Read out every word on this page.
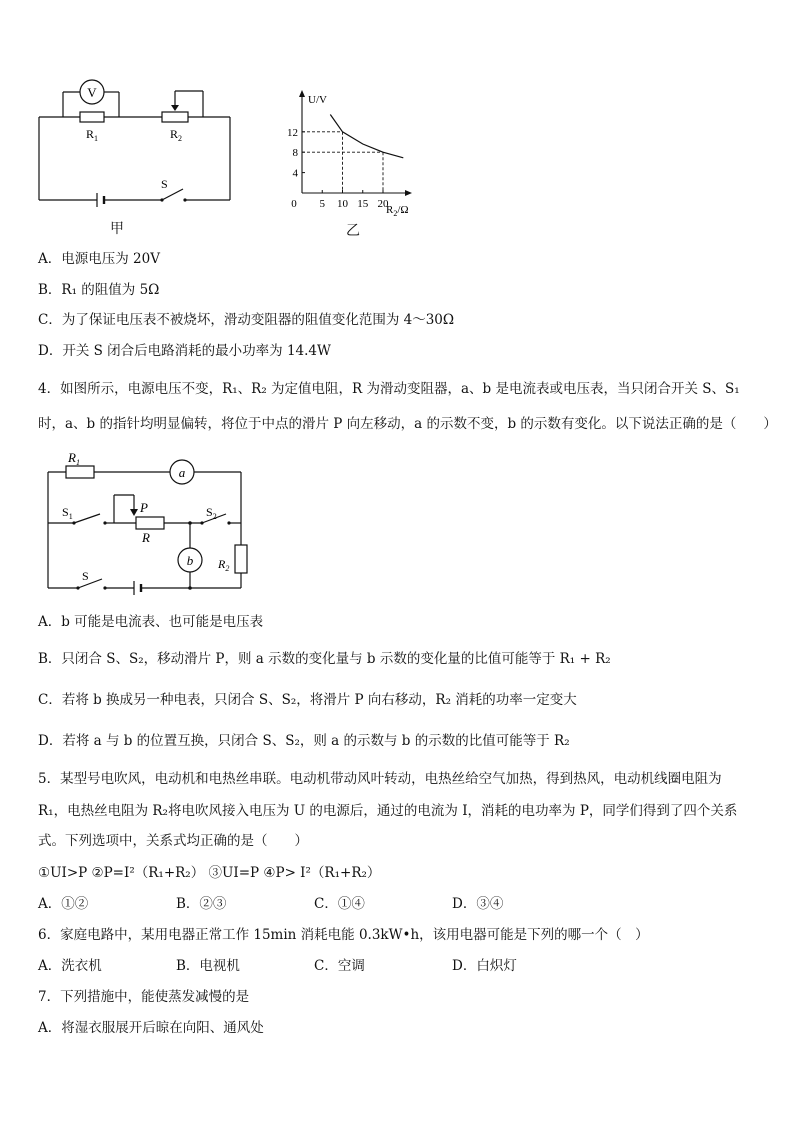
V
$R_1$	$R_2$
S
甲
4
8
12
5 10 15 20
0
U/V
$R_2/\Omega$
乙
A．电源电压为 20V
B．R₁ 的阻值为 5Ω
C．为了保证电压表不被烧坏，滑动变阻器的阻值变化范围为 4～30Ω
D．开关 S 闭合后电路消耗的最小功率为 14.4W
4．如图所示，电源电压不变，R₁、R₂ 为定值电阻，R 为滑动变阻器，a、b 是电流表或电压表，当只闭合开关 S、S₁
时，a、b 的指针均明显偏转，将位于中点的滑片 P 向左移动，a 的示数不变，b 的示数有变化。以下说法正确的是（　　）
$R_1$
a
b
$S_1$	$S_2$
P
R
$R_2$
S
A．b 可能是电流表、也可能是电压表
B．只闭合 S、S₂，移动滑片 P，则 a 示数的变化量与 b 示数的变化量的比值可能等于 R₁ + R₂
C．若将 b 换成另一种电表，只闭合 S、S₂，将滑片 P 向右移动，R₂ 消耗的功率一定变大
D．若将 a 与 b 的位置互换，只闭合 S、S₂，则 a 的示数与 b 的示数的比值可能等于 R₂
5．某型号电吹风，电动机和电热丝串联。电动机带动风叶转动，电热丝给空气加热，得到热风，电动机线圈电阻为
R₁，电热丝电阻为 R₂将电吹风接入电压为 U 的电源后，通过的电流为 I，消耗的电功率为 P，同学们得到了四个关系
式。下列选项中，关系式均正确的是（　　）
①UI>P ②P=I²（R₁+R₂） ③UI=P ④P> I²（R₁+R₂）
A．①②	B．②③	C．①④	D．③④
6．家庭电路中，某用电器正常工作 15min 消耗电能 0.3kW•h，该用电器可能是下列的哪一个（　）
A．洗衣机	B．电视机	C．空调	D．白炽灯
7．下列措施中，能使蒸发减慢的是
A．将湿衣服展开后晾在向阳、通风处
